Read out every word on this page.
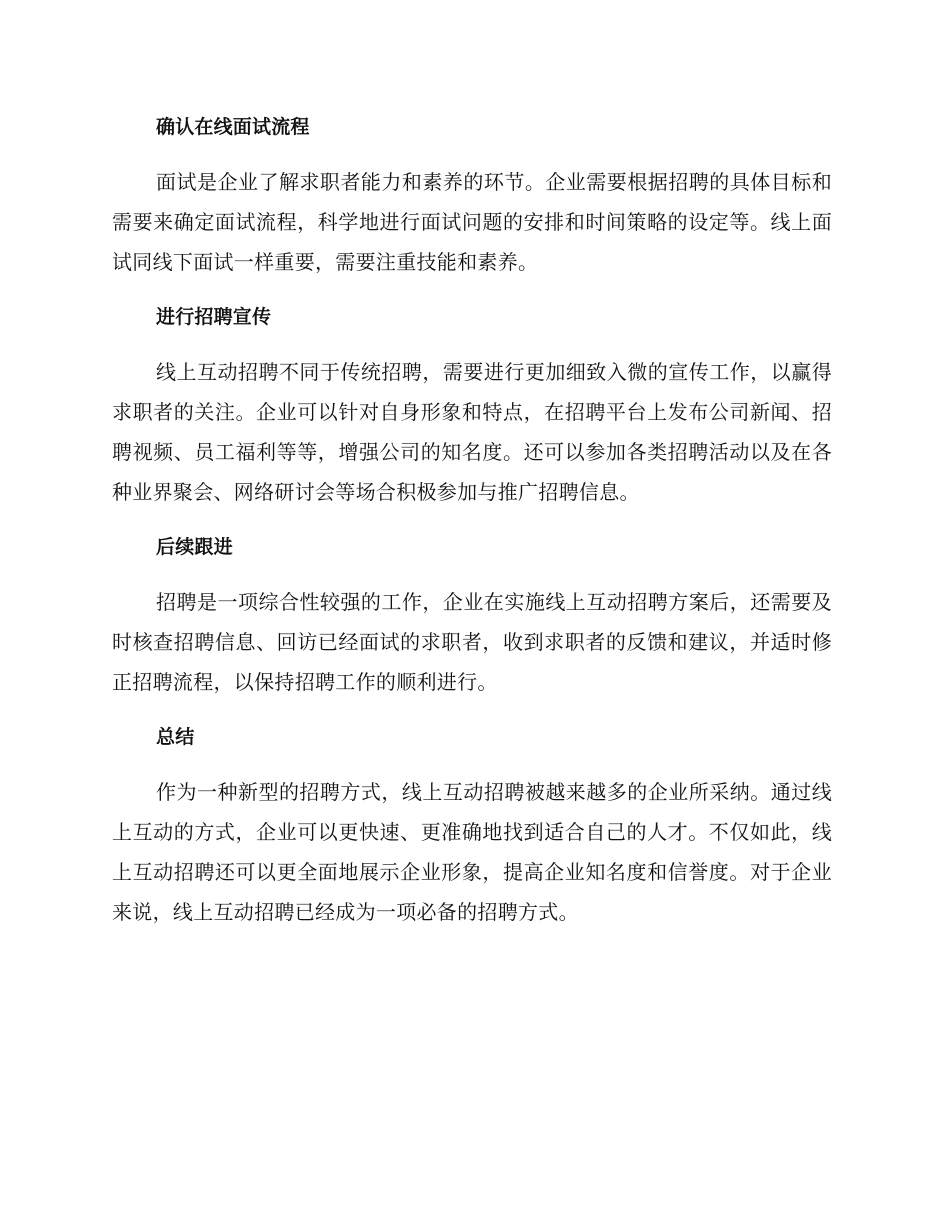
确认在线面试流程

面试是企业了解求职者能力和素养的环节。企业需要根据招聘的具体目标和需要来确定面试流程，科学地进行面试问题的安排和时间策略的设定等。线上面试同线下面试一样重要，需要注重技能和素养。

进行招聘宣传

线上互动招聘不同于传统招聘，需要进行更加细致入微的宣传工作，以赢得求职者的关注。企业可以针对自身形象和特点，在招聘平台上发布公司新闻、招聘视频、员工福利等等，增强公司的知名度。还可以参加各类招聘活动以及在各种业界聚会、网络研讨会等场合积极参加与推广招聘信息。

后续跟进

招聘是一项综合性较强的工作，企业在实施线上互动招聘方案后，还需要及时核查招聘信息、回访已经面试的求职者，收到求职者的反馈和建议，并适时修正招聘流程，以保持招聘工作的顺利进行。

总结

作为一种新型的招聘方式，线上互动招聘被越来越多的企业所采纳。通过线上互动的方式，企业可以更快速、更准确地找到适合自己的人才。不仅如此，线上互动招聘还可以更全面地展示企业形象，提高企业知名度和信誉度。对于企业来说，线上互动招聘已经成为一项必备的招聘方式。
